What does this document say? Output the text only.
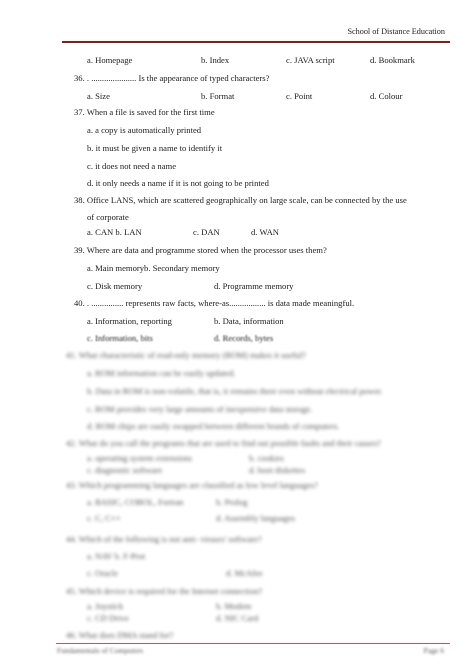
School of Distance Education
a. Homepage	b. Index	c. JAVA script	d. Bookmark
36. . ..................... Is the appearance of typed characters?
a. Size	b. Format	c. Point	d. Colour
37. When a file is saved for the first time
a. a copy is automatically printed
b. it must be given a name to identify it
c. it does not need a name
d. it only needs a name if it is not going to be printed
38. Office LANS, which are scattered geographically on large scale, can be connected by the use
of corporate
a. CAN b. LAN	c. DAN	d. WAN
39. Where are data and programme stored when the processor uses them?
a. Main memoryb. Secondary memory
c. Disk memory	d. Programme memory
40. . ............... represents raw facts, where-as................. is data made meaningful.
a. Information, reporting	b. Data, information
c. Information, bits	d. Records, bytes
41. What characteristic of read-only memory (ROM) makes it useful?
a. ROM information can be easily updated.
b. Data in ROM is non-volatile, that is, it remains there even without electrical power.
c. ROM provides very large amounts of inexpensive data storage.
d. ROM chips are easily swapped between different brands of computers.
42. What do you call the programs that are used to find out possible faults and their causes?
a. operating system extensions	b. cookies
c. diagnostic software	d. boot diskettes
43. Which programming languages are classified as low level languages?
a. BASIC, COBOL, Fortran	b. Prolog
c. C, C++	d. Assembly languages
44. Which of the following is not anti- viruses' software?
a. NAV b. F-Prot
c. Oracle	d. McAfee
45. Which device is required for the Internet connection?
a. Joystick	b. Modem
c. CD Drive	d. NIC Card
46. What does DMA stand for?
Fundamentals of Computers	Page 6
